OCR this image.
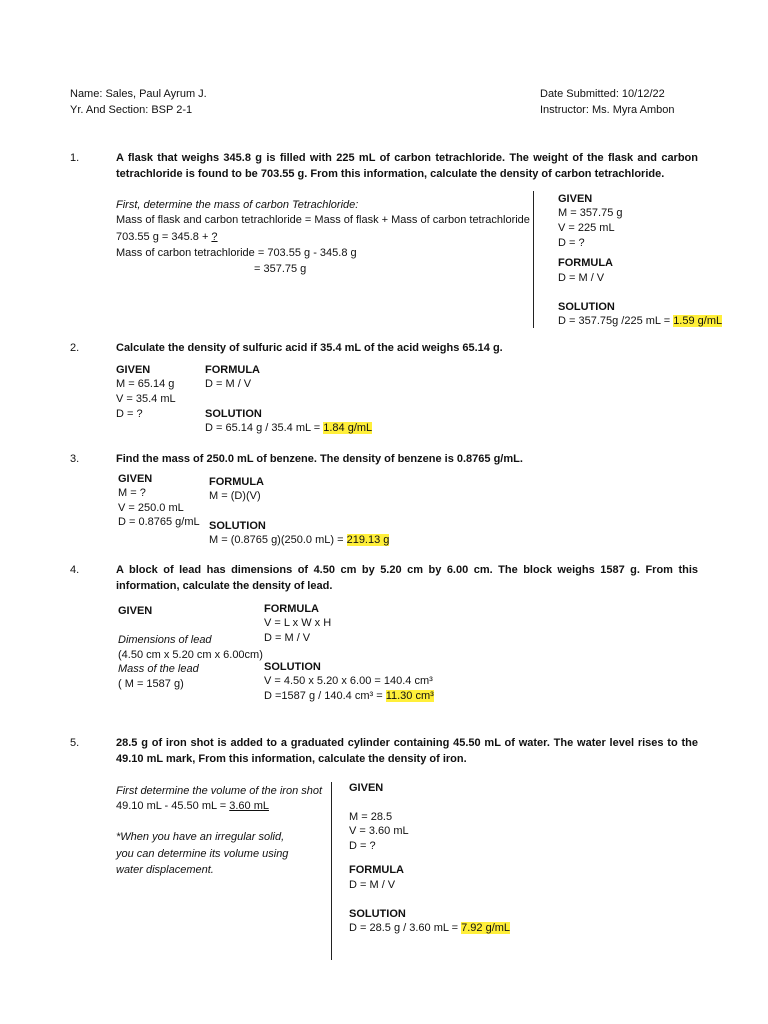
Name: Sales, Paul Ayrum J.
Yr. And Section: BSP 2-1
Date Submitted: 10/12/22
Instructor: Ms. Myra Ambon
1.	A flask that weighs 345.8 g is filled with 225 mL of carbon tetrachloride. The weight of the flask and carbon tetrachloride is found to be 703.55 g. From this information, calculate the density of carbon tetrachloride.
First, determine the mass of carbon Tetrachloride:
Mass of flask and carbon tetrachloride = Mass of flask + Mass of carbon tetrachloride
703.55 g = 345.8 + ?
Mass of carbon tetrachloride = 703.55 g - 345.8 g
= 357.75 g
GIVEN
M = 357.75 g
V = 225 mL
D = ?
FORMULA
D = M / V
SOLUTION
D = 357.75g /225 mL = 1.59 g/mL
2.	Calculate the density of sulfuric acid if 35.4 mL of the acid weighs 65.14 g.
GIVEN
M = 65.14 g
V = 35.4 mL
D = ?
FORMULA
D = M / V
SOLUTION
D = 65.14 g / 35.4 mL = 1.84 g/mL
3.	Find the mass of 250.0 mL of benzene. The density of benzene is 0.8765 g/mL.
GIVEN
M = ?
V = 250.0 mL
D = 0.8765 g/mL
FORMULA
M = (D)(V)
SOLUTION
M = (0.8765 g)(250.0 mL) = 219.13 g
4.	A block of lead has dimensions of 4.50 cm by 5.20 cm by 6.00 cm. The block weighs 1587 g. From this information, calculate the density of lead.
GIVEN
Dimensions of lead
(4.50 cm x 5.20 cm x 6.00cm)
Mass of the lead
( M = 1587 g)
FORMULA
V = L x W x H
D = M / V
SOLUTION
V = 4.50 x 5.20 x 6.00 = 140.4 cm³
D =1587 g / 140.4 cm³ = 11.30 cm³
5.	28.5 g of iron shot is added to a graduated cylinder containing 45.50 mL of water. The water level rises to the 49.10 mL mark, From this information, calculate the density of iron.
First determine the volume of the iron shot
49.10 mL - 45.50 mL = 3.60 mL
*When you have an irregular solid,
you can determine its volume using
water displacement.
GIVEN
M = 28.5
V = 3.60 mL
D = ?
FORMULA
D = M / V
SOLUTION
D = 28.5 g / 3.60 mL = 7.92 g/mL
